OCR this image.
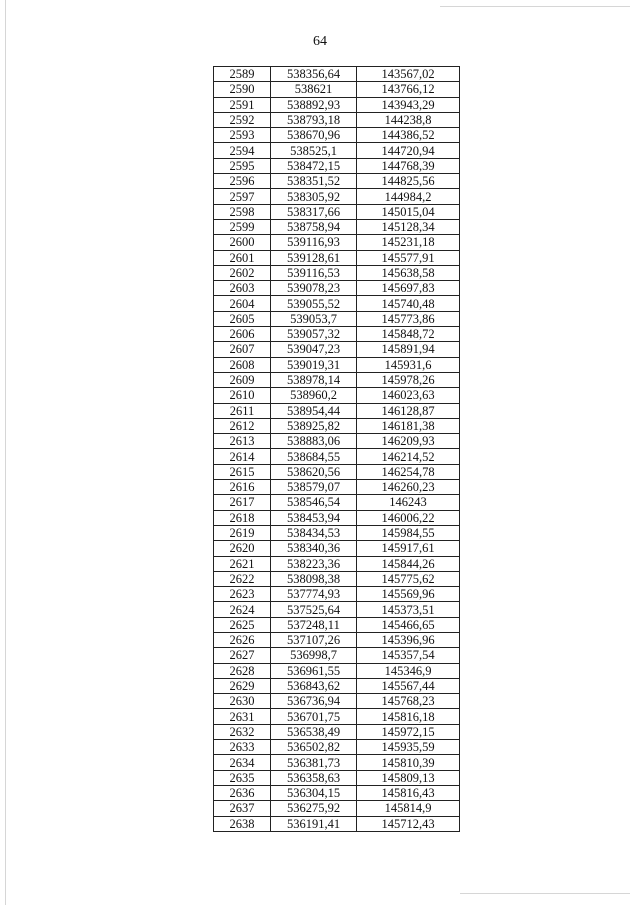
64
2589	538356,64	143567,02
2590	538621	143766,12
2591	538892,93	143943,29
2592	538793,18	144238,8
2593	538670,96	144386,52
2594	538525,1	144720,94
2595	538472,15	144768,39
2596	538351,52	144825,56
2597	538305,92	144984,2
2598	538317,66	145015,04
2599	538758,94	145128,34
2600	539116,93	145231,18
2601	539128,61	145577,91
2602	539116,53	145638,58
2603	539078,23	145697,83
2604	539055,52	145740,48
2605	539053,7	145773,86
2606	539057,32	145848,72
2607	539047,23	145891,94
2608	539019,31	145931,6
2609	538978,14	145978,26
2610	538960,2	146023,63
2611	538954,44	146128,87
2612	538925,82	146181,38
2613	538883,06	146209,93
2614	538684,55	146214,52
2615	538620,56	146254,78
2616	538579,07	146260,23
2617	538546,54	146243
2618	538453,94	146006,22
2619	538434,53	145984,55
2620	538340,36	145917,61
2621	538223,36	145844,26
2622	538098,38	145775,62
2623	537774,93	145569,96
2624	537525,64	145373,51
2625	537248,11	145466,65
2626	537107,26	145396,96
2627	536998,7	145357,54
2628	536961,55	145346,9
2629	536843,62	145567,44
2630	536736,94	145768,23
2631	536701,75	145816,18
2632	536538,49	145972,15
2633	536502,82	145935,59
2634	536381,73	145810,39
2635	536358,63	145809,13
2636	536304,15	145816,43
2637	536275,92	145814,9
2638	536191,41	145712,43
